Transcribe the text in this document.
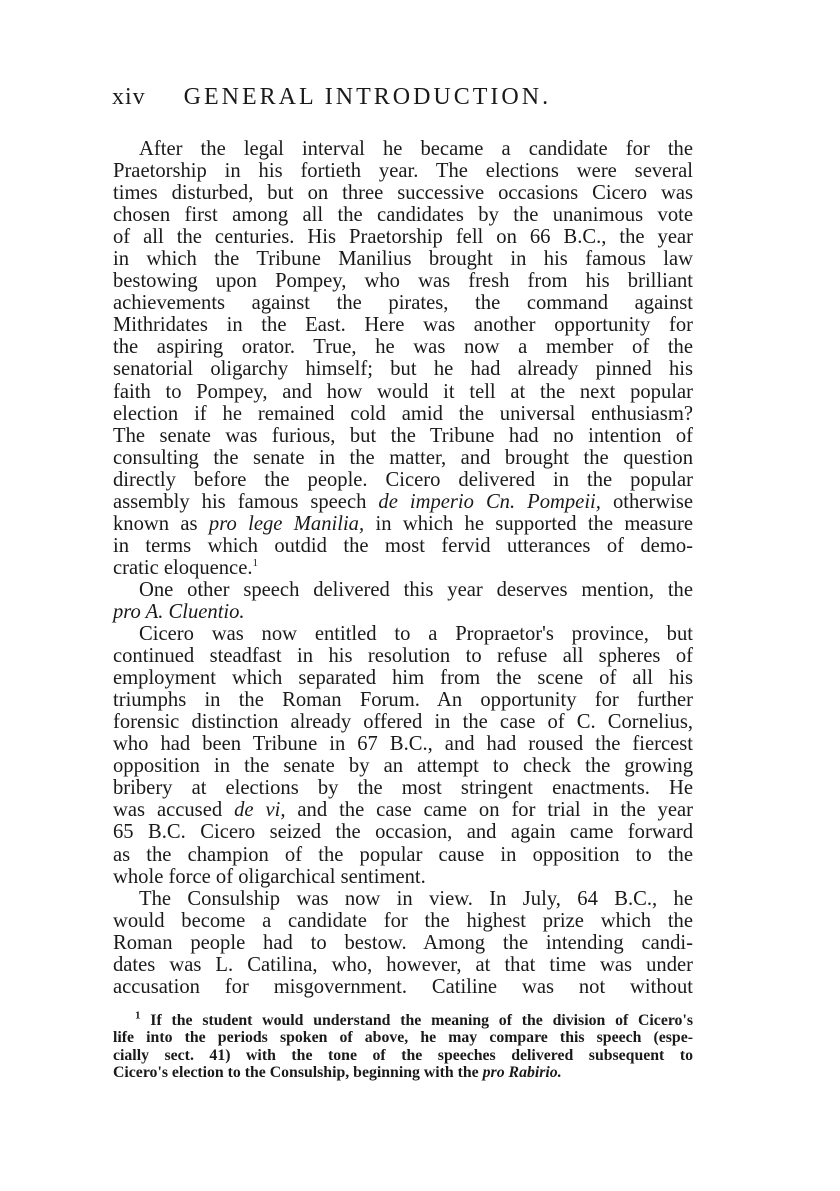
xiv GENERAL INTRODUCTION.
After the legal interval he became a candidate for the
Praetorship in his fortieth year. The elections were several
times disturbed, but on three successive occasions Cicero was
chosen first among all the candidates by the unanimous vote
of all the centuries. His Praetorship fell on 66 B.C., the year
in which the Tribune Manilius brought in his famous law
bestowing upon Pompey, who was fresh from his brilliant
achievements against the pirates, the command against
Mithridates in the East. Here was another opportunity for
the aspiring orator. True, he was now a member of the
senatorial oligarchy himself; but he had already pinned his
faith to Pompey, and how would it tell at the next popular
election if he remained cold amid the universal enthusiasm?
The senate was furious, but the Tribune had no intention of
consulting the senate in the matter, and brought the question
directly before the people. Cicero delivered in the popular
assembly his famous speech de imperio Cn. Pompeii, otherwise
known as pro lege Manilia, in which he supported the measure
in terms which outdid the most fervid utterances of demo-
cratic eloquence.$^1$
One other speech delivered this year deserves mention, the
pro A. Cluentio.
Cicero was now entitled to a Propraetor's province, but
continued steadfast in his resolution to refuse all spheres of
employment which separated him from the scene of all his
triumphs in the Roman Forum. An opportunity for further
forensic distinction already offered in the case of C. Cornelius,
who had been Tribune in 67 B.C., and had roused the fiercest
opposition in the senate by an attempt to check the growing
bribery at elections by the most stringent enactments. He
was accused de vi, and the case came on for trial in the year
65 B.C. Cicero seized the occasion, and again came forward
as the champion of the popular cause in opposition to the
whole force of oligarchical sentiment.
The Consulship was now in view. In July, 64 B.C., he
would become a candidate for the highest prize which the
Roman people had to bestow. Among the intending candi-
dates was L. Catilina, who, however, at that time was under
accusation for misgovernment. Catiline was not without
$^1$ If the student would understand the meaning of the division of Cicero's
life into the periods spoken of above, he may compare this speech (espe-
cially sect. 41) with the tone of the speeches delivered subsequent to
Cicero's election to the Consulship, beginning with the pro Rabirio.
